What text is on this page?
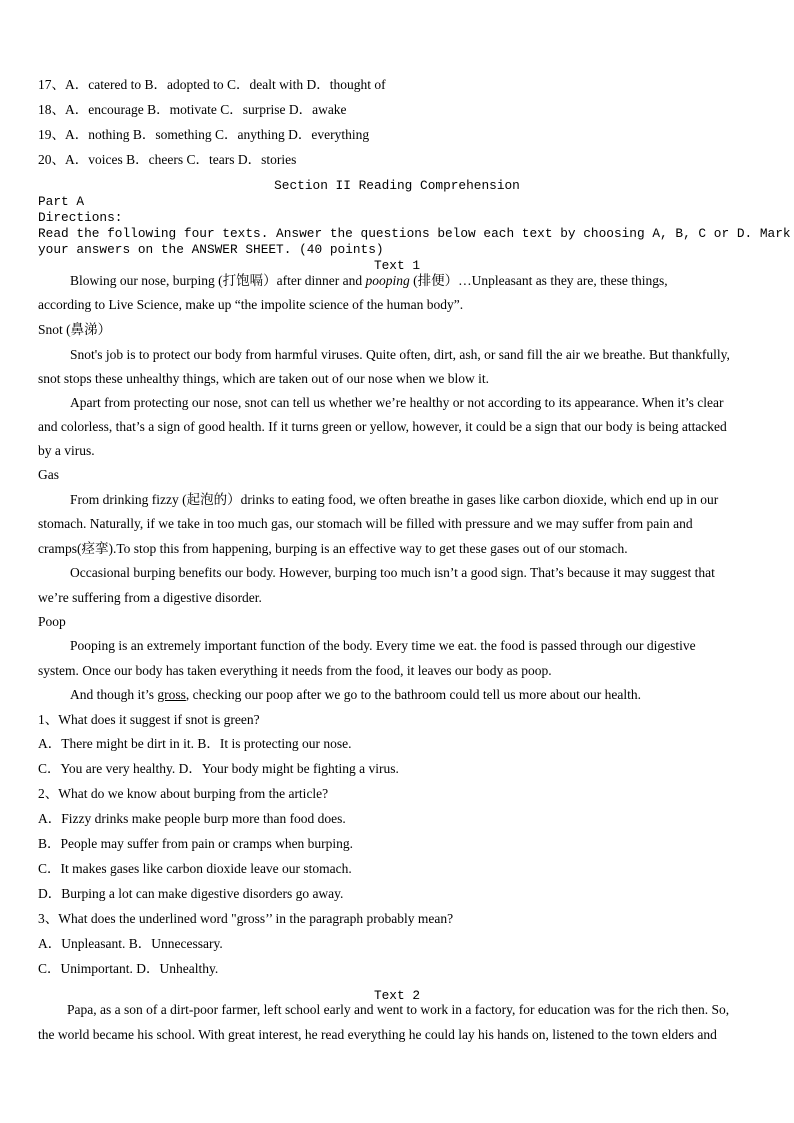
17、A．catered to B．adopted to C．dealt with D．thought of
18、A．encourage B．motivate C．surprise D．awake
19、A．nothing B．something C．anything D．everything
20、A．voices B．cheers C．tears D．stories
Section II Reading Comprehension
Part A
Directions:
Read the following four texts. Answer the questions below each text by choosing A, B, C or D. Mark
your answers on the ANSWER SHEET. (40 points)
Text 1
Blowing our nose, burping (打饱嗝）after dinner and pooping (排便）…Unpleasant as they are, these things,
according to Live Science, make up “the impolite science of the human body”.
Snot (鼻涕）
Snot's job is to protect our body from harmful viruses. Quite often, dirt, ash, or sand fill the air we breathe. But thankfully,
snot stops these unhealthy things, which are taken out of our nose when we blow it.
Apart from protecting our nose, snot can tell us whether we’re healthy or not according to its appearance. When it’s clear
and colorless, that’s a sign of good health. If it turns green or yellow, however, it could be a sign that our body is being attacked
by a virus.
Gas
From drinking fizzy (起泡的）drinks to eating food, we often breathe in gases like carbon dioxide, which end up in our
stomach. Naturally, if we take in too much gas, our stomach will be filled with pressure and we may suffer from pain and
cramps(痉挛).To stop this from happening, burping is an effective way to get these gases out of our stomach.
Occasional burping benefits our body. However, burping too much isn’t a good sign. That’s because it may suggest that
we’re suffering from a digestive disorder.
Poop
Pooping is an extremely important function of the body. Every time we eat. the food is passed through our digestive
system. Once our body has taken everything it needs from the food, it leaves our body as poop.
And though it’s gross, checking our poop after we go to the bathroom could tell us more about our health.
1、What does it suggest if snot is green?
A．There might be dirt in it. B．It is protecting our nose.
C．You are very healthy. D．Your body might be fighting a virus.
2、What do we know about burping from the article?
A．Fizzy drinks make people burp more than food does.
B．People may suffer from pain or cramps when burping.
C．It makes gases like carbon dioxide leave our stomach.
D．Burping a lot can make digestive disorders go away.
3、What does the underlined word "gross’’ in the paragraph probably mean?
A．Unpleasant. B．Unnecessary.
C．Unimportant. D．Unhealthy.
Text 2
Papa, as a son of a dirt-poor farmer, left school early and went to work in a factory, for education was for the rich then. So,
the world became his school. With great interest, he read everything he could lay his hands on, listened to the town elders and
